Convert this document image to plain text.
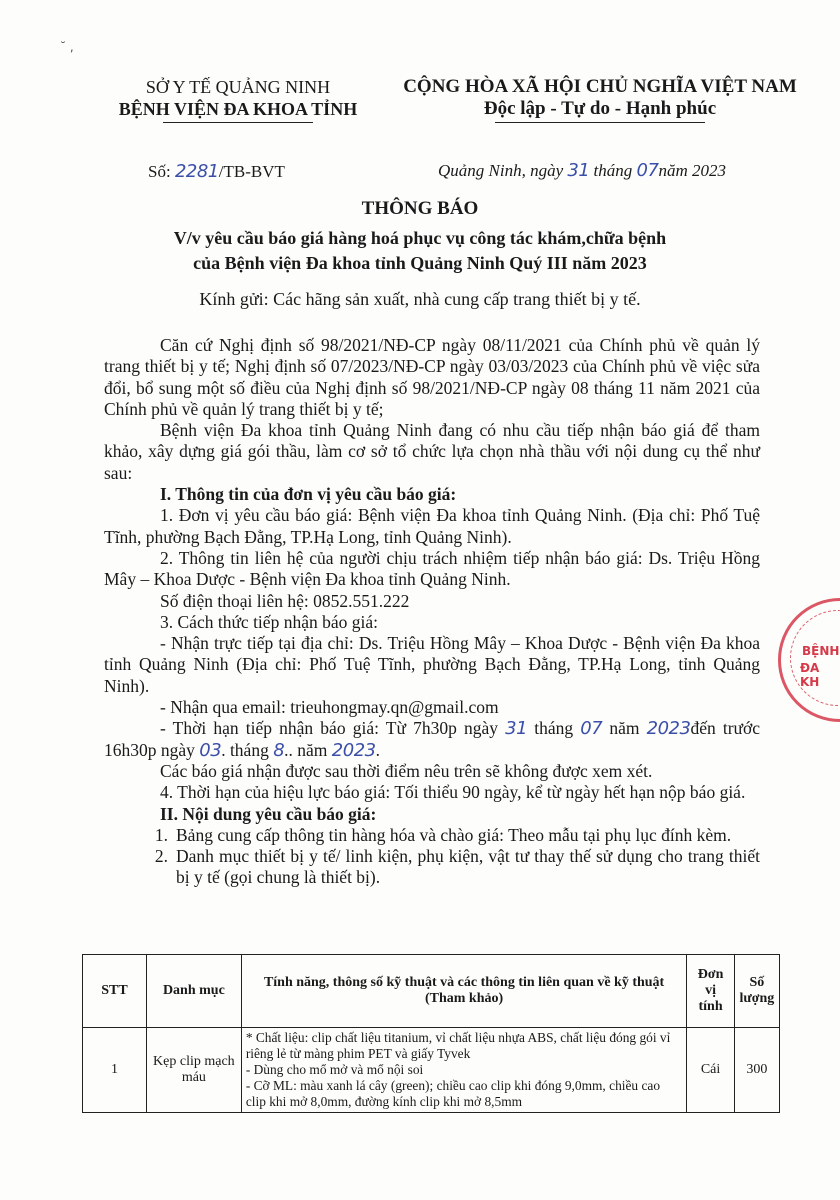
˘ ,
SỞ Y TẾ QUẢNG NINH
BỆNH VIỆN ĐA KHOA TỈNH
CỘNG HÒA XÃ HỘI CHỦ NGHĨA VIỆT NAM
Độc lập - Tự do - Hạnh phúc
Số: 2281/TB-BVT	Quảng Ninh, ngày 31 tháng 07năm 2023
THÔNG BÁO
V/v yêu cầu báo giá hàng hoá phục vụ công tác khám,chữa bệnh
của Bệnh viện Đa khoa tỉnh Quảng Ninh Quý III năm 2023
Kính gửi: Các hãng sản xuất, nhà cung cấp trang thiết bị y tế.

Căn cứ Nghị định số 98/2021/NĐ-CP ngày 08/11/2021 của Chính phủ về quản lý trang thiết bị y tế; Nghị định số 07/2023/NĐ-CP ngày 03/03/2023 của Chính phủ về việc sửa đổi, bổ sung một số điều của Nghị định số 98/2021/NĐ-CP ngày 08 tháng 11 năm 2021 của Chính phủ về quản lý trang thiết bị y tế;

Bệnh viện Đa khoa tỉnh Quảng Ninh đang có nhu cầu tiếp nhận báo giá để tham khảo, xây dựng giá gói thầu, làm cơ sở tổ chức lựa chọn nhà thầu với nội dung cụ thể như sau:

I. Thông tin của đơn vị yêu cầu báo giá:

1. Đơn vị yêu cầu báo giá: Bệnh viện Đa khoa tỉnh Quảng Ninh. (Địa chỉ: Phố Tuệ Tĩnh, phường Bạch Đằng, TP.Hạ Long, tỉnh Quảng Ninh).

2. Thông tin liên hệ của người chịu trách nhiệm tiếp nhận báo giá: Ds. Triệu Hồng Mây – Khoa Dược - Bệnh viện Đa khoa tỉnh Quảng Ninh.

Số điện thoại liên hệ: 0852.551.222

3. Cách thức tiếp nhận báo giá:

- Nhận trực tiếp tại địa chỉ: Ds. Triệu Hồng Mây – Khoa Dược - Bệnh viện Đa khoa tỉnh Quảng Ninh (Địa chỉ: Phố Tuệ Tĩnh, phường Bạch Đằng, TP.Hạ Long, tỉnh Quảng Ninh).

- Nhận qua email: trieuhongmay.qn@gmail.com

- Thời hạn tiếp nhận báo giá: Từ 7h30p ngày 31 tháng 07 năm 2023đến trước 16h30p ngày 03. tháng 8.. năm 2023.

Các báo giá nhận được sau thời điểm nêu trên sẽ không được xem xét.

4. Thời hạn của hiệu lực báo giá: Tối thiểu 90 ngày, kể từ ngày hết hạn nộp báo giá.

II. Nội dung yêu cầu báo giá:

1. Bảng cung cấp thông tin hàng hóa và chào giá: Theo mẫu tại phụ lục đính kèm.
2. Danh mục thiết bị y tế/ linh kiện, phụ kiện, vật tư thay thế sử dụng cho trang thiết bị y tế (gọi chung là thiết bị).
STT	Danh mục	Tính năng, thông số kỹ thuật và các thông tin liên quan về kỹ thuật (Tham khảo)	Đơn vị tính	Số lượng
1	Kẹp clip mạch máu	* Chất liệu: clip chất liệu titanium, vỉ chất liệu nhựa ABS, chất liệu đóng gói vỉ riêng lẻ từ màng phim PET và giấy Tyvek
- Dùng cho mổ mở và mổ nội soi
- Cỡ ML: màu xanh lá cây (green); chiều cao clip khi đóng 9,0mm, chiều cao clip khi mở 8,0mm, đường kính clip khi mở 8,5mm	Cái	300
BỆNH
ĐA KH
